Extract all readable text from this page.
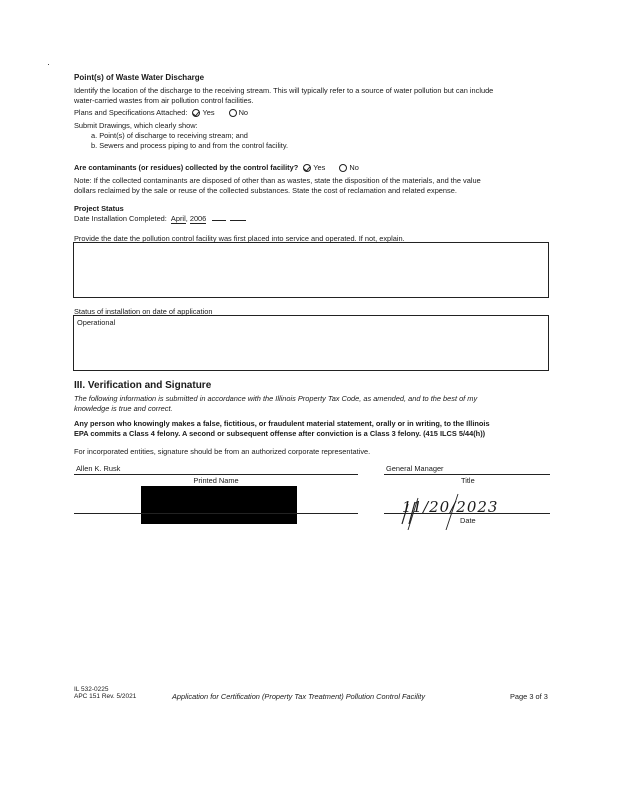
Point(s) of Waste Water Discharge
Identify the location of the discharge to the receiving stream. This will typically refer to a source of water pollution but can include
water-carried wastes from air pollution control facilities.
Plans and Specifications Attached: Yes	No
Submit Drawings, which clearly show:
a. Point(s) of discharge to receiving stream; and
b. Sewers and process piping to and from the control facility.
Are contaminants (or residues) collected by the control facility? Yes	No
Note: If the collected contaminants are disposed of other than as wastes, state the disposition of the materials, and the value
dollars reclaimed by the sale or reuse of the collected substances. State the cost of reclamation and related expense.
Project Status
Date Installation Completed: April, 2006
Provide the date the pollution control facility was first placed into service and operated. If not, explain.
Status of installation on date of application
Operational
III. Verification and Signature
The following information is submitted in accordance with the Illinois Property Tax Code, as amended, and to the best of my
knowledge is true and correct.
Any person who knowingly makes a false, fictitious, or fraudulent material statement, orally or in writing, to the Illinois
EPA commits a Class 4 felony. A second or subsequent offense after conviction is a Class 3 felony. (415 ILCS 5/44(h))
For incorporated entities, signature should be from an authorized corporate representative.
Allen K. Rusk
Printed Name
General Manager
Title
11/20/2023
Date
IL 532-0225
APC 151 Rev. 5/2021	Application for Certification (Property Tax Treatment) Pollution Control Facility	Page 3 of 3
